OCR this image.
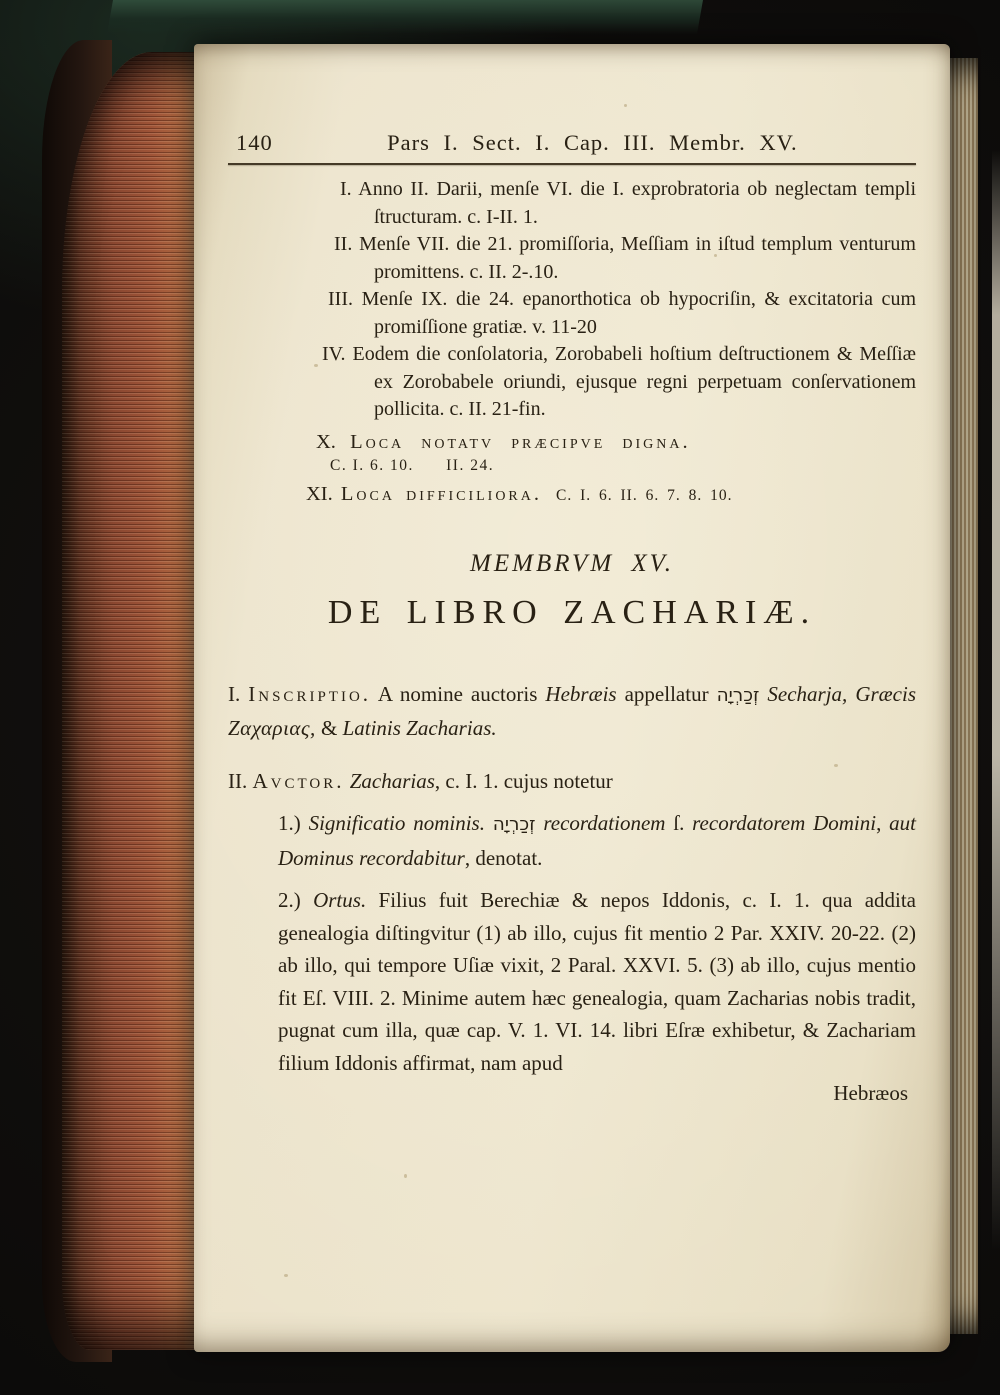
140	Pars I. Sect. I. Cap. III. Membr. XV.
I. Anno II. Darii, menſe VI. die I. exprobratoria ob neglectam templi ſtructuram. c. I-II. 1.
II. Menſe VII. die 21. promiſſoria, Meſſiam in iſtud templum venturum promittens. c. II. 2-.10.
III. Menſe IX. die 24. epanorthotica ob hypocriſin, & excitatoria cum promiſſione gratiæ. v. 11-20
IV. Eodem die conſolatoria, Zorobabeli hoſtium deſtructionem & Meſſiæ ex Zorobabele oriundi, ejusque regni perpetuam conſervationem pollicita. c. II. 21-fin.
X. Loca notatv præcipve digna.
C. I. 6. 10.      II. 24.
XI. Loca difficiliora. C. I. 6. II. 6. 7. 8. 10.
MEMBRVM XV.
DE LIBRO ZACHARIÆ.
I. Inscriptio. A nomine auctoris Hebræis appellatur זְכַרְיָה Secharja, Græcis Ζαχαριας, & Latinis Zacharias.
II. Avctor. Zacharias, c. I. 1. cujus notetur
1.) Significatio nominis. זְכַרְיָה recordationem ſ. recordatorem Domini, aut Dominus recordabitur, denotat.
2.) Ortus. Filius fuit Berechiæ & nepos Iddonis, c. I. 1. qua addita genealogia diſtingvitur (1) ab illo, cujus fit mentio 2 Par. XXIV. 20-22. (2) ab illo, qui tempore Uſiæ vixit, 2 Paral. XXVI. 5. (3) ab illo, cujus mentio fit Eſ. VIII. 2. Minime autem hæc genealogia, quam Zacharias nobis tradit, pugnat cum illa, quæ cap. V. 1. VI. 14. libri Eſræ exhibetur, & Zachariam filium Iddonis affirmat, nam apud
Hebræos
